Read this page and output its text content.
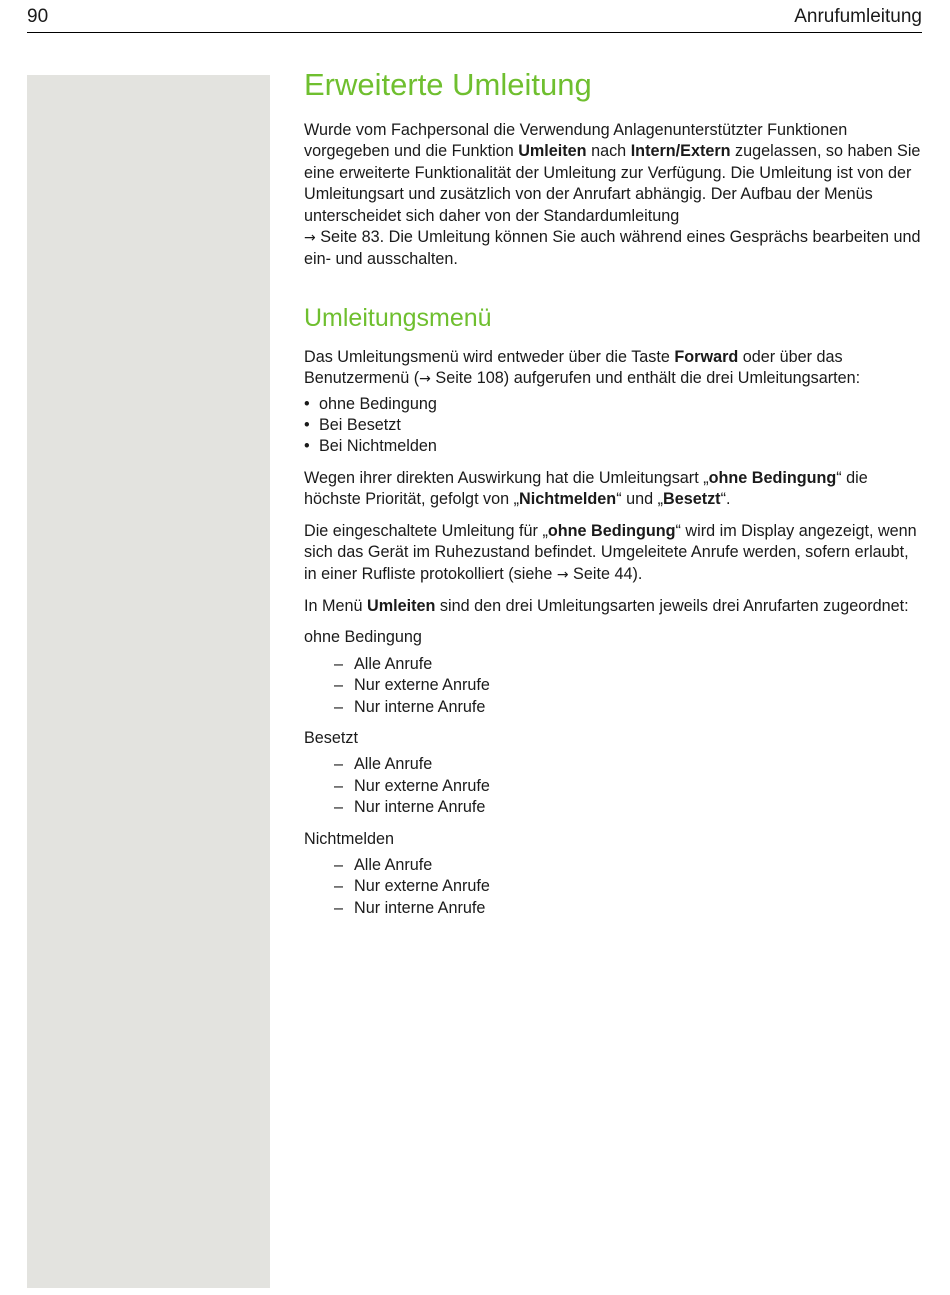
90	Anrufumleitung
Erweiterte Umleitung

Wurde vom Fachpersonal die Verwendung Anlagenunterstützter Funktionen vorgegeben und die Funktion Umleiten nach Intern/Extern zugelassen, so haben Sie eine erweiterte Funktionalität der Umleitung zur Verfügung. Die Umleitung ist von der Umleitungsart und zusätzlich von der Anrufart abhängig. Der Aufbau der Menüs unterscheidet sich daher von der Standardumleitung
→ Seite 83. Die Umleitung können Sie auch während eines Gesprächs bearbeiten und ein- und ausschalten.

Umleitungsmenü

Das Umleitungsmenü wird entweder über die Taste Forward oder über das Benutzermenü (→ Seite 108) aufgerufen und enthält die drei Umleitungsarten:

• ohne Bedingung
• Bei Besetzt
• Bei Nichtmelden

Wegen ihrer direkten Auswirkung hat die Umleitungsart „ohne Bedingung“ die höchste Priorität, gefolgt von „Nichtmelden“ und „Besetzt“.

Die eingeschaltete Umleitung für „ohne Bedingung“ wird im Display angezeigt, wenn sich das Gerät im Ruhezustand befindet. Umgeleitete Anrufe werden, sofern erlaubt, in einer Rufliste protokolliert (siehe → Seite 44).

In Menü Umleiten sind den drei Umleitungsarten jeweils drei Anrufarten zugeordnet:

ohne Bedingung

– Alle Anrufe
– Nur externe Anrufe
– Nur interne Anrufe

Besetzt

– Alle Anrufe
– Nur externe Anrufe
– Nur interne Anrufe

Nichtmelden

– Alle Anrufe
– Nur externe Anrufe
– Nur interne Anrufe
